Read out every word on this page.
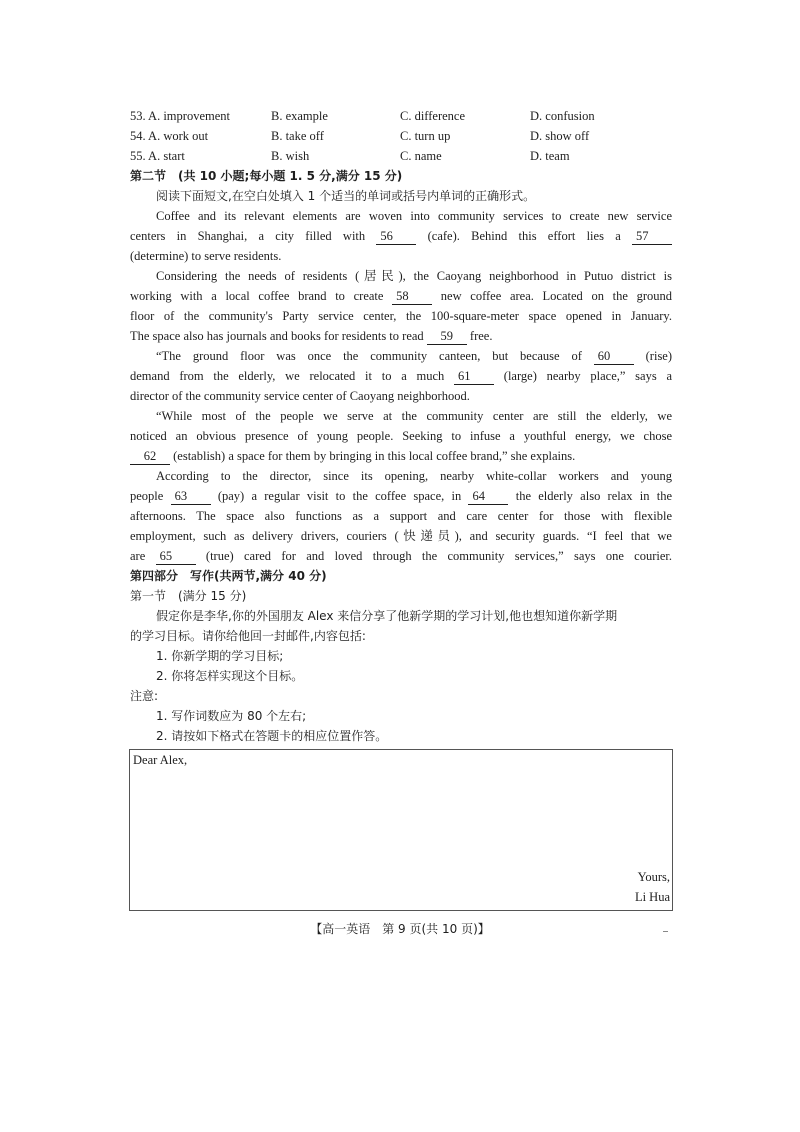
53. A. improvement	B. example	C. difference	D. confusion
54. A. work out	B. take off	C. turn up	D. show off
55. A. start	B. wish	C. name	D. team
第二节　(共 10 小题;每小题 1. 5 分,满分 15 分)
阅读下面短文,在空白处填入 1 个适当的单词或括号内单词的正确形式。
Coffee and its relevant elements are woven into community services to create new service
centers in Shanghai, a city filled with 56	(cafe). Behind this effort lies a 57
(determine) to serve residents.
Considering the needs of residents (居民), the Caoyang neighborhood in Putuo district is
working with a local coffee brand to create 58	new coffee area. Located on the ground
floor of the community's Party service center, the 100-square-meter space opened in January.
The space also has journals and books for residents to read 59 free.
“The ground floor was once the community canteen, but because of 60	(rise)
demand from the elderly, we relocated it to a much 61	(large) nearby place,” says a
director of the community service center of Caoyang neighborhood.
“While most of the people we serve at the community center are still the elderly, we
noticed an obvious presence of young people. Seeking to infuse a youthful energy, we chose
62 (establish) a space for them by bringing in this local coffee brand,” she explains.
According to the director, since its opening, nearby white-collar workers and young
people 63 (pay) a regular visit to the coffee space, in 64 the elderly also relax in the
afternoons. The space also functions as a support and care center for those with flexible
employment, such as delivery drivers, couriers (快递员), and security guards. “I feel that we
are 65	(true) cared for and loved through the community services,” says one courier.
第四部分　写作(共两节,满分 40 分)
第一节　(满分 15 分)
假定你是李华,你的外国朋友 Alex 来信分享了他新学期的学习计划,他也想知道你新学期
的学习目标。请你给他回一封邮件,内容包括:
1. 你新学期的学习目标;
2. 你将怎样实现这个目标。
注意:
1. 写作词数应为 80 个左右;
2. 请按如下格式在答题卡的相应位置作答。
Dear Alex,
Yours,
Li Hua
【高一英语　第 9 页(共 10 页)】
